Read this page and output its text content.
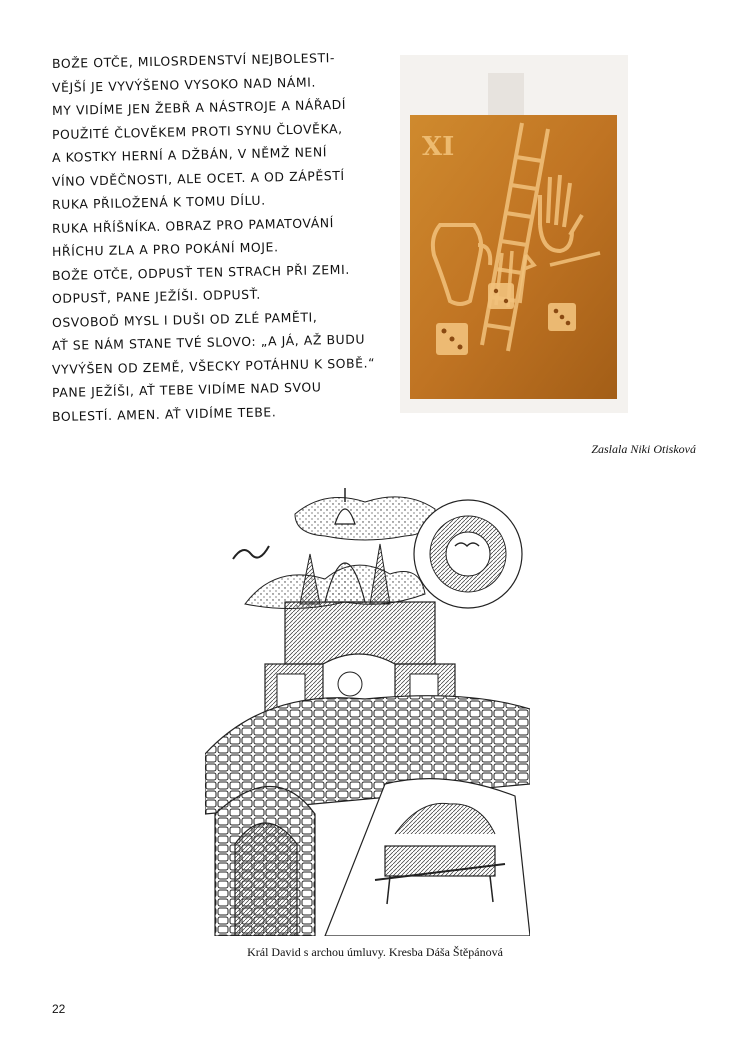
BOŽE OTČE, MILOSRDENSTVÍ NEJBOLESTI-
VĚJŠÍ JE VYVÝŠENO VYSOKO NAD NÁMI.
MY VIDÍME JEN ŽEBŘ A NÁSTROJE A NÁŘADÍ
POUŽITÉ ČLOVĚKEM PROTI SYNU ČLOVĚKA,
A KOSTKY HERNÍ A DŽBÁN, V NĚMŽ NENÍ
VÍNO VDĚČNOSTI, ALE OCET. A OD ZÁPĚSTÍ
RUKA PŘILOŽENÁ K TOMU DÍLU.
RUKA HŘÍŠNÍKA. OBRAZ PRO PAMATOVÁNÍ
HŘÍCHU ZLA A PRO POKÁNÍ MOJE.
BOŽE OTČE, ODPUSŤ TEN STRACH PŘI ZEMI.
ODPUSŤ, PANE JEŽÍŠI. ODPUSŤ.
OSVOBOĎ MYSL I DUŠI OD ZLÉ PAMĚTI,
AŤ SE NÁM STANE TVÉ SLOVO: „A JÁ, AŽ BUDU
VYVÝŠEN OD ZEMĚ, VŠECKY POTÁHNU K SOBĚ.“
PANE JEŽÍŠI, AŤ TEBE VIDÍME NAD SVOU
BOLESTÍ. AMEN. AŤ VIDÍME TEBE.
XI
Zaslala Niki Otisková
Král David s archou úmluvy. Kresba Dáša Štěpánová
22
